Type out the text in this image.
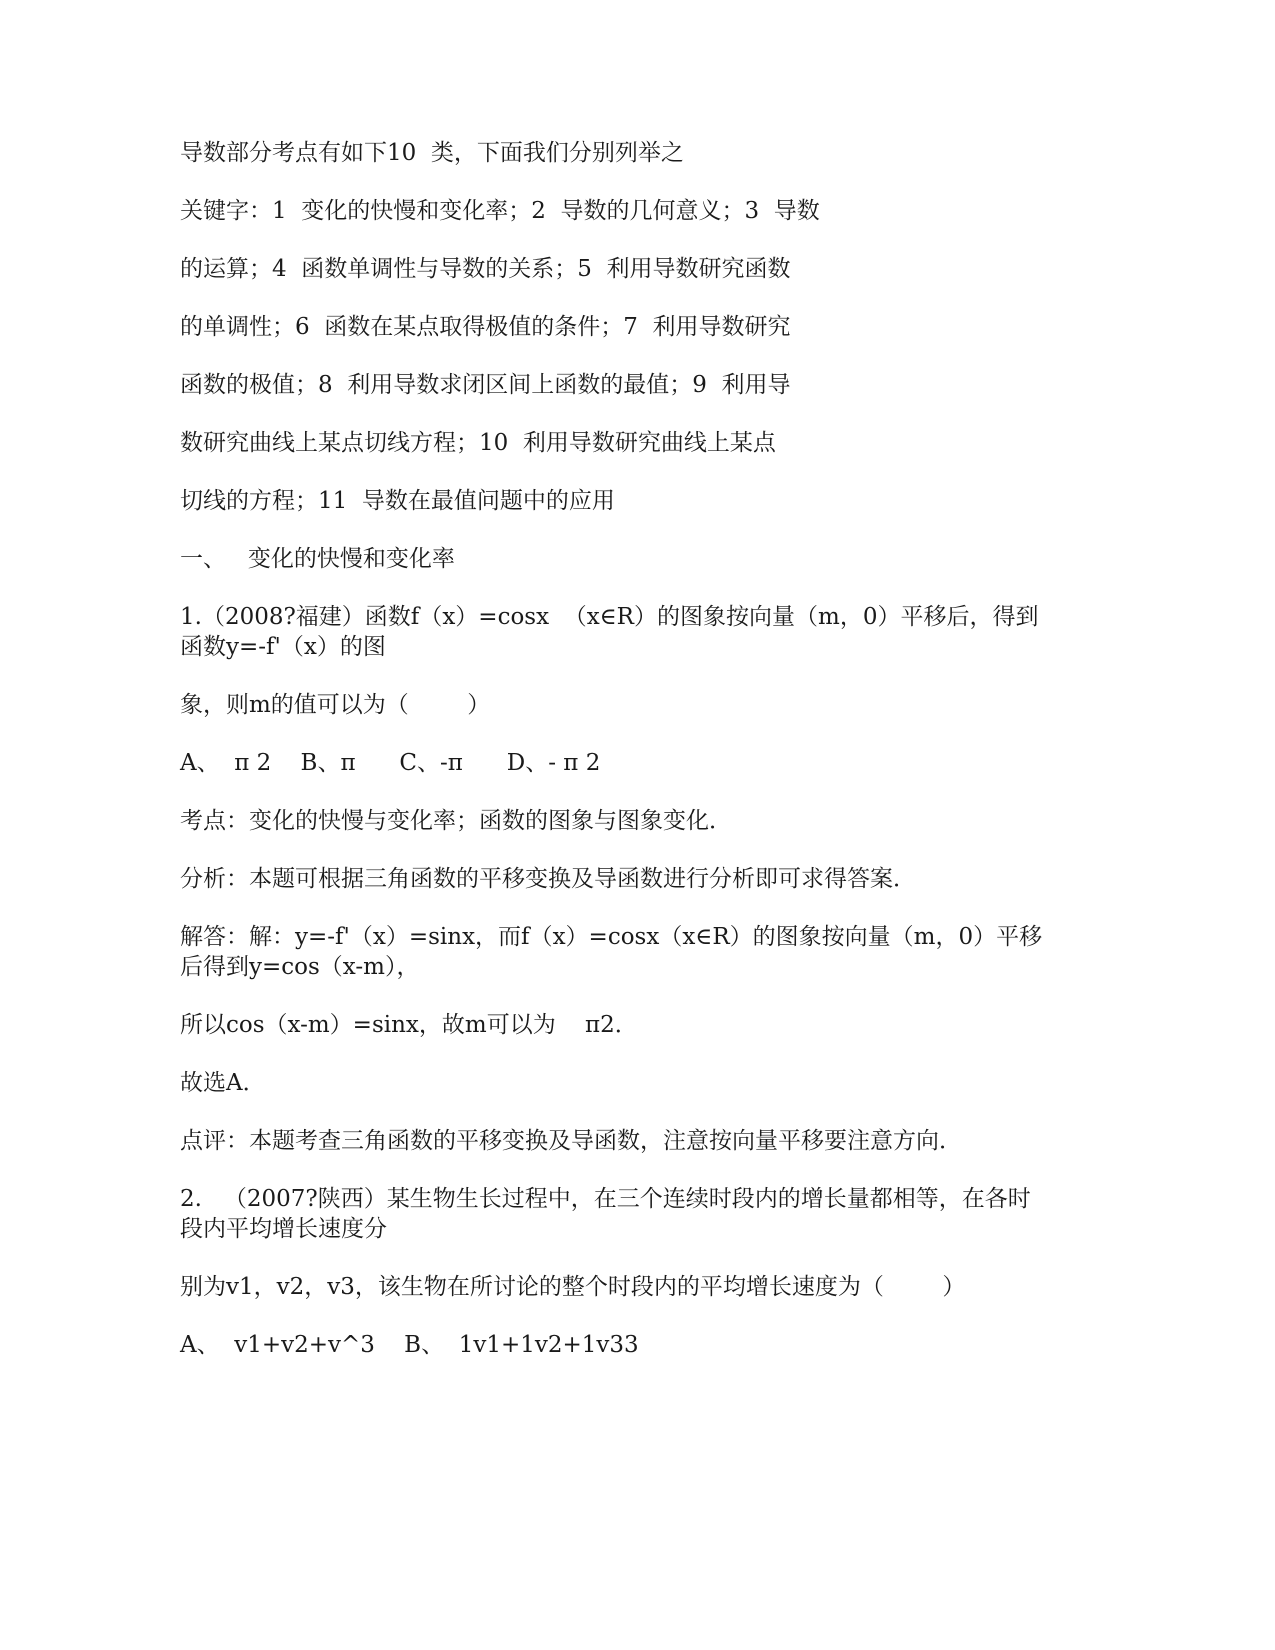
导数部分考点有如下10  类，下面我们分别列举之

关键字：1  变化的快慢和变化率；2  导数的几何意义；3  导数

的运算；4  函数单调性与导数的关系；5  利用导数研究函数

的单调性；6  函数在某点取得极值的条件；7  利用导数研究

函数的极值；8  利用导数求闭区间上函数的最值；9  利用导

数研究曲线上某点切线方程；10  利用导数研究曲线上某点

切线的方程；11  导数在最值问题中的应用

一、   变化的快慢和变化率

1.（2008?福建）函数f（x）=cosx  （x∈R）的图象按向量（m，0）平移后，得到函数y=-f'（x）的图

象，则m的值可以为（        ）

A、  π 2    B、π      C、-π      D、- π 2

考点：变化的快慢与变化率；函数的图象与图象变化．

分析：本题可根据三角函数的平移变换及导函数进行分析即可求得答案．

解答：解：y=-f'（x）=sinx，而f（x）=cosx（x∈R）的图象按向量（m，0）平移后得到y=cos（x-m），

所以cos（x-m）=sinx，故m可以为    π2．

故选A．

点评：本题考查三角函数的平移变换及导函数，注意按向量平移要注意方向．

2.   （2007?陕西）某生物生长过程中，在三个连续时段内的增长量都相等，在各时段内平均增长速度分

别为v1，v2，v3，该生物在所讨论的整个时段内的平均增长速度为（        ）

A、  v1+v2+v^3    B、  1v1+1v2+1v33
